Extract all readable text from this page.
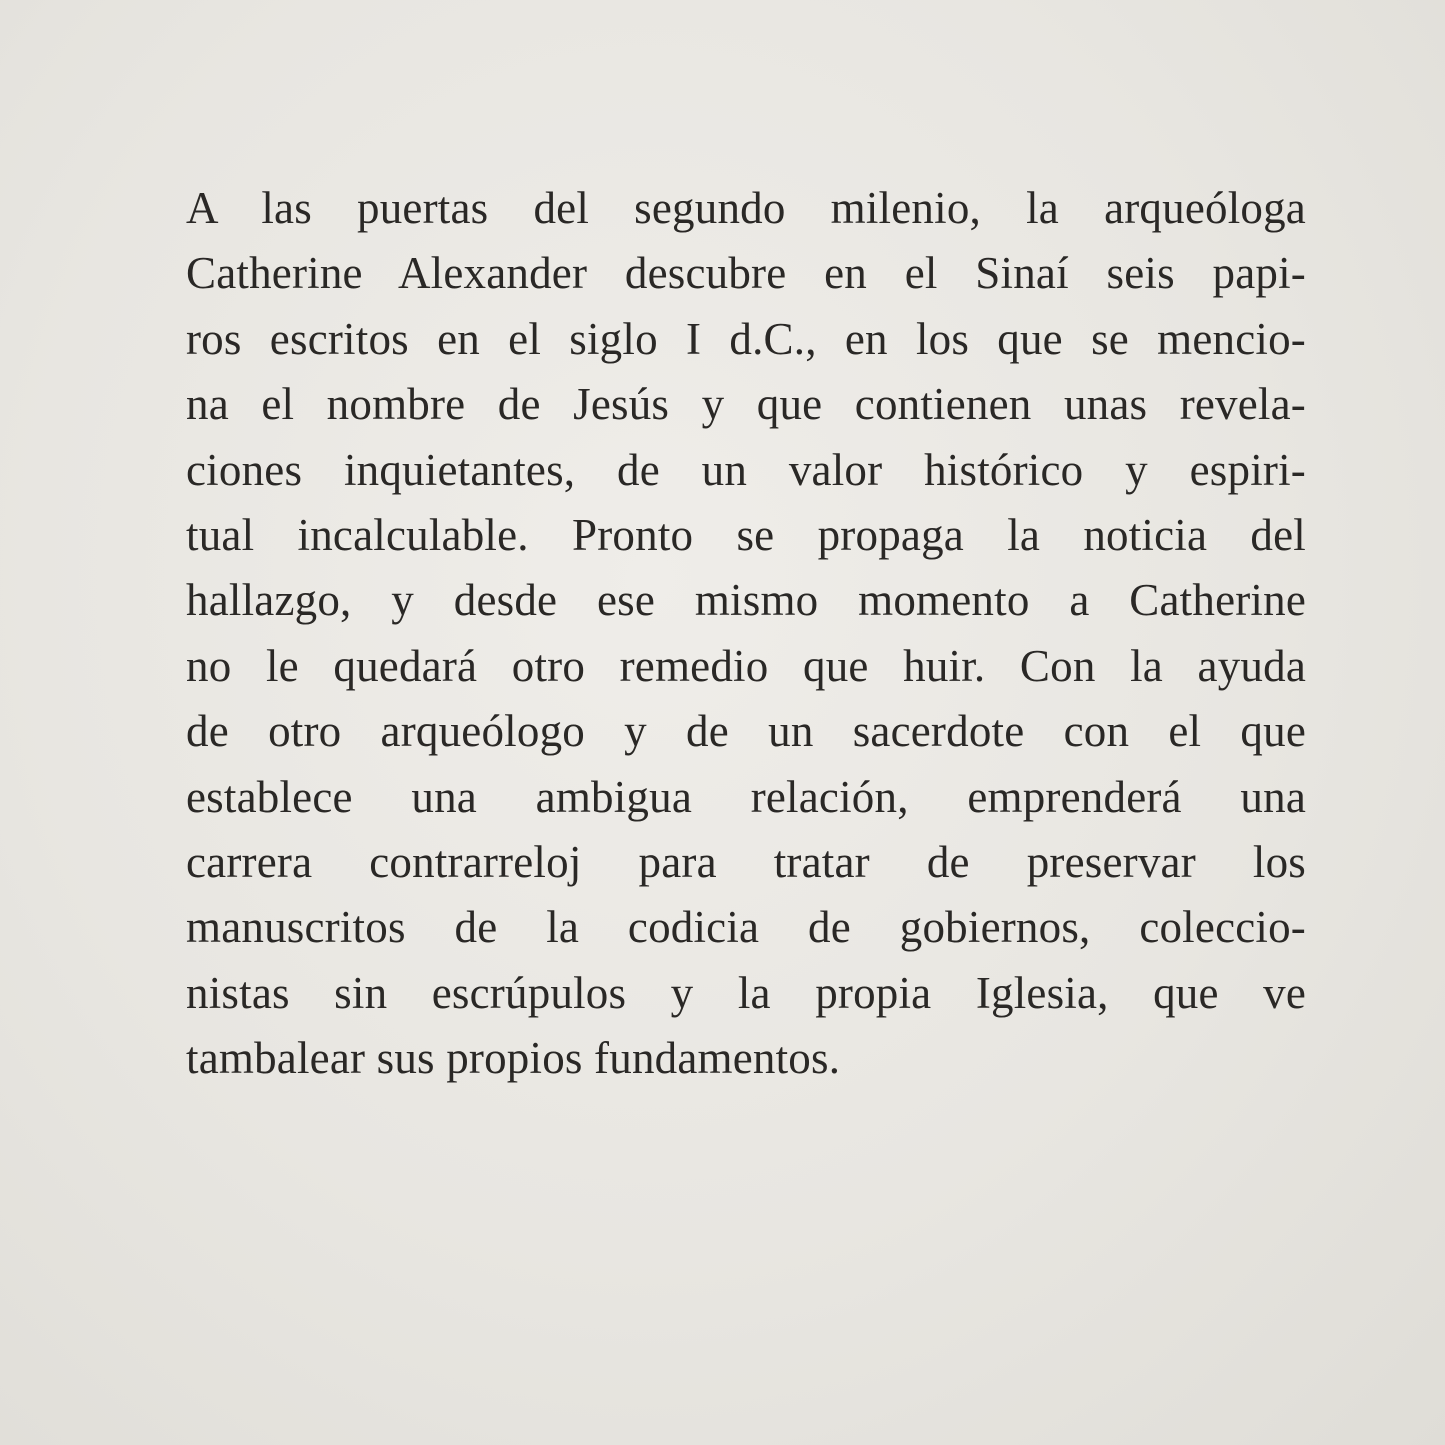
A las puertas del segundo milenio, la arqueóloga
Catherine Alexander descubre en el Sinaí seis papi-
ros escritos en el siglo I d.C., en los que se mencio-
na el nombre de Jesús y que contienen unas revela-
ciones inquietantes, de un valor histórico y espiri-
tual incalculable. Pronto se propaga la noticia del
hallazgo, y desde ese mismo momento a Catherine
no le quedará otro remedio que huir. Con la ayuda
de otro arqueólogo y de un sacerdote con el que
establece una ambigua relación, emprenderá una
carrera contrarreloj para tratar de preservar los
manuscritos de la codicia de gobiernos, coleccio-
nistas sin escrúpulos y la propia Iglesia, que ve
tambalear sus propios fundamentos.
